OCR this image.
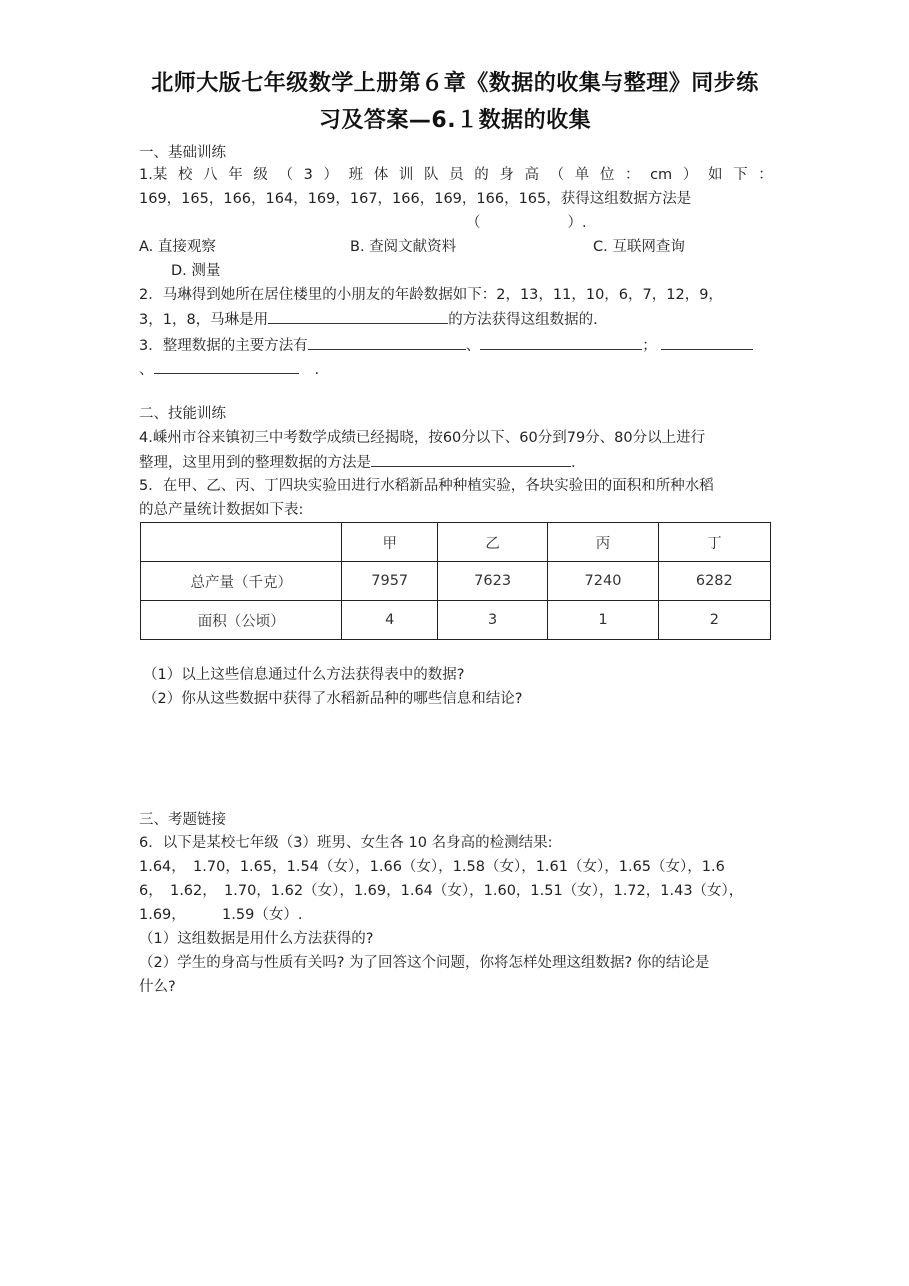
北师大版七年级数学上册第６章《数据的收集与整理》同步练
习及答案—6.１数据的收集
一、基础训练
1.某 校 八 年 级 （ 3 ） 班 体 训 队 员 的 身 高 （ 单 位 ： cm ） 如 下 ：
169，165，166，164，169，167，166，169，166，165，获得这组数据方法是
（　　　　　　）.
A. 直接观察	B. 查阅文献资料	C. 互联网查询
D. 测量
2．马琳得到她所在居住楼里的小朋友的年龄数据如下：2，13，11，10，6，7，12，9，
3，1，8，马琳是用	的方法获得这组数据的.
3．整理数据的主要方法有	、	；
、	.
二、技能训练
4.嵊州市谷来镇初三中考数学成绩已经揭晓，按60分以下、60分到79分、80分以上进行
整理，这里用到的整理数据的方法是	.
5．在甲、乙、丙、丁四块实验田进行水稻新品种种植实验，各块实验田的面积和所种水稻
的总产量统计数据如下表:
	甲	乙	丙	丁
总产量（千克）	7957	7623	7240	6282
面积（公顷）	4	3	1	2
（1）以上这些信息通过什么方法获得表中的数据?
（2）你从这些数据中获得了水稻新品种的哪些信息和结论?
三、考题链接
6．以下是某校七年级（3）班男、女生各 10 名身高的检测结果:
1.64，　1.70，1.65，1.54（女），1.66（女），1.58（女），1.61（女），1.65（女），1.6
6，　1.62，　1.70，1.62（女），1.69，1.64（女），1.60，1.51（女），1.72，1.43（女），
1.69，　　　1.59（女）.
（1）这组数据是用什么方法获得的?
（2）学生的身高与性质有关吗? 为了回答这个问题，你将怎样处理这组数据? 你的结论是
什么?
